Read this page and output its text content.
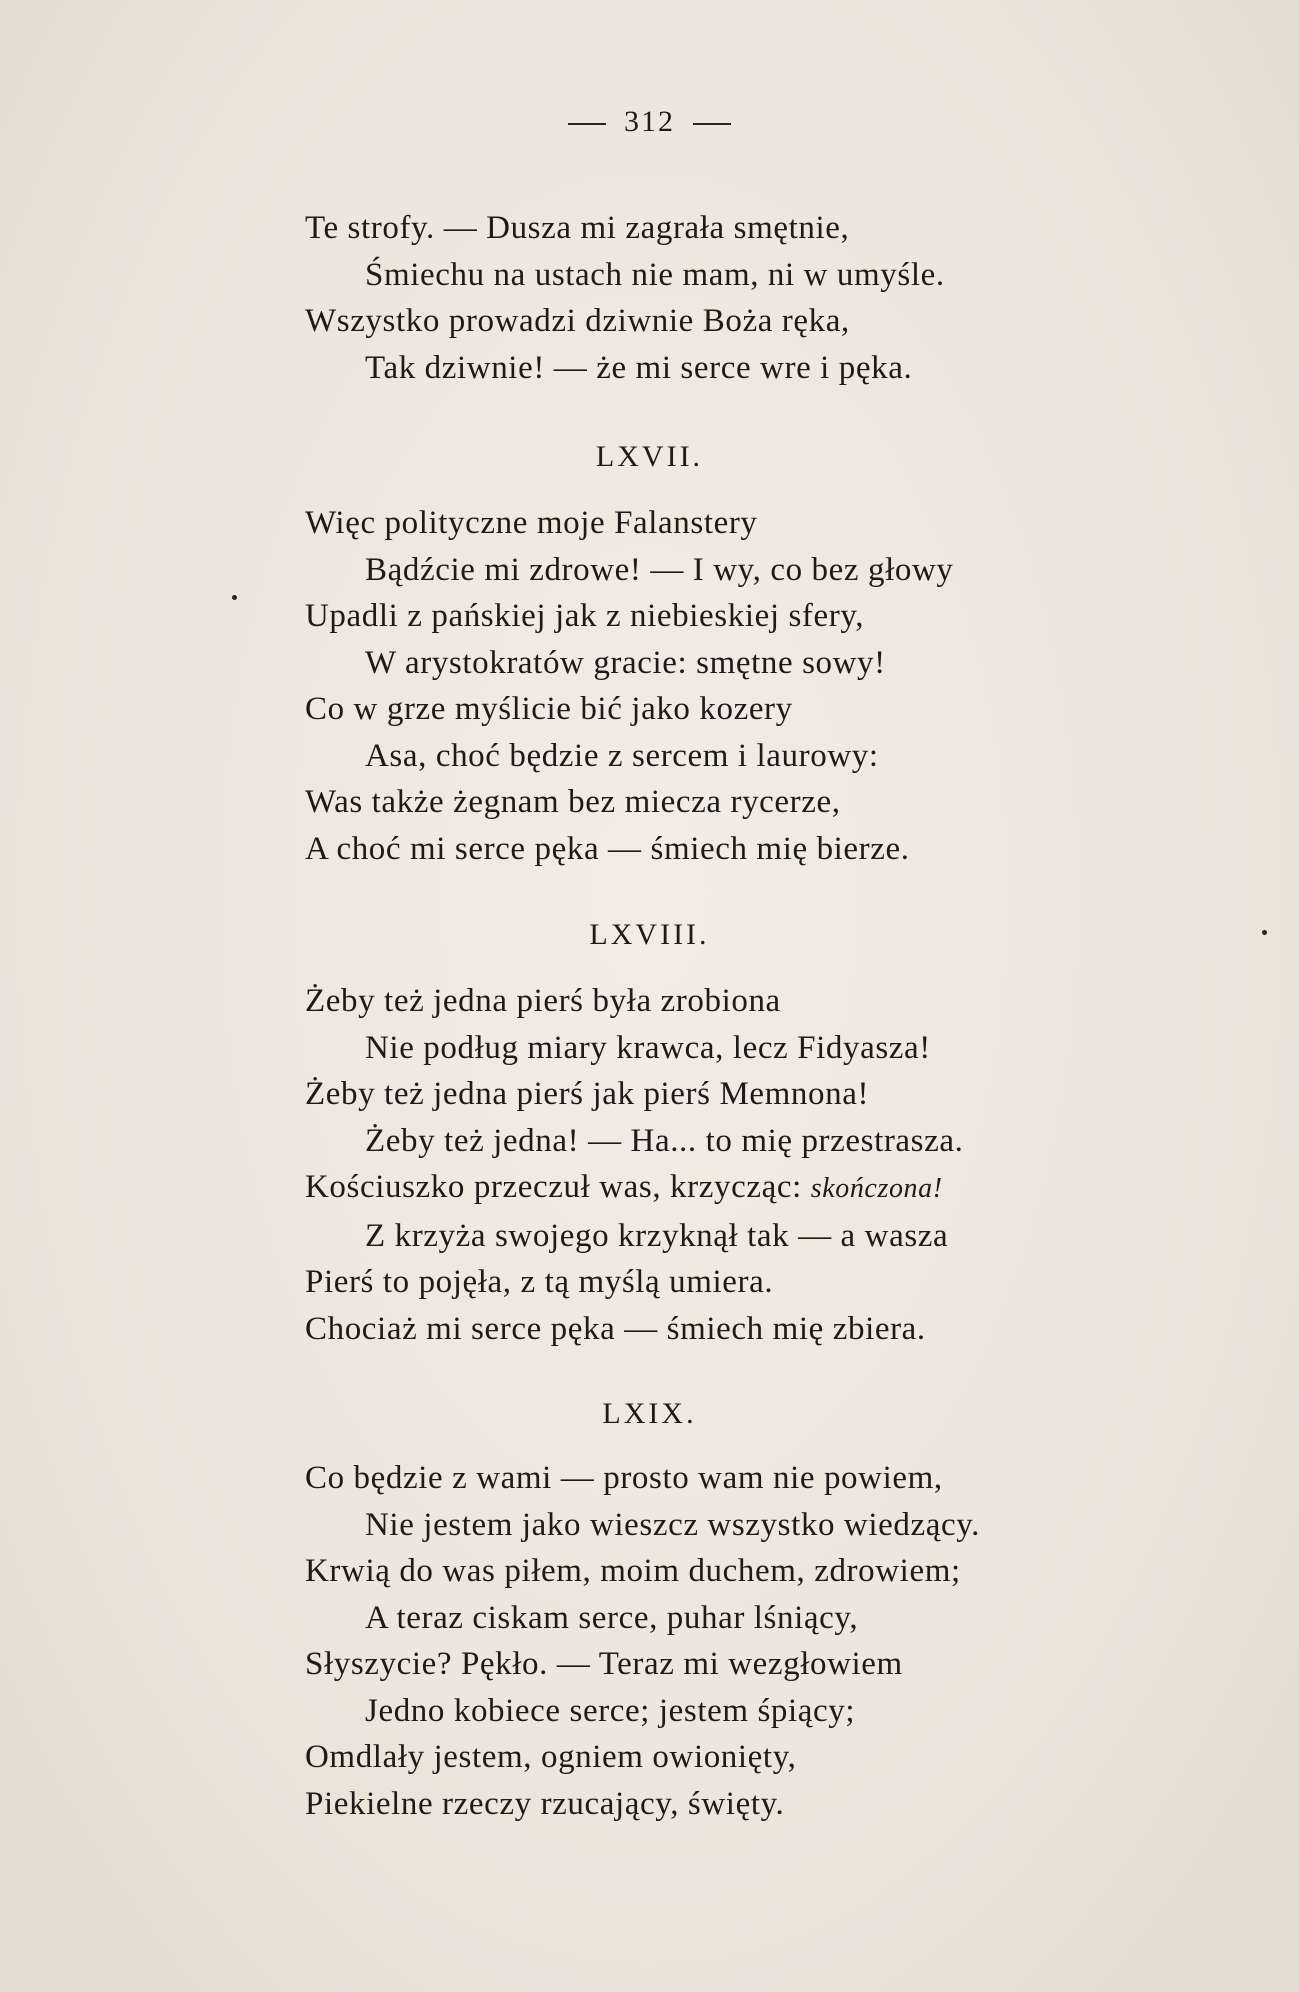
312
Te strofy. — Dusza mi zagrała smętnie,
Śmiechu na ustach nie mam, ni w umyśle.
Wszystko prowadzi dziwnie Boża ręka,
Tak dziwnie! — że mi serce wre i pęka.
LXVII.
Więc polityczne moje Falanstery
Bądźcie mi zdrowe! — I wy, co bez głowy
Upadli z pańskiej jak z niebieskiej sfery,
W arystokratów gracie: smętne sowy!
Co w grze myślicie bić jako kozery
Asa, choć będzie z sercem i laurowy:
Was także żegnam bez miecza rycerze,
A choć mi serce pęka — śmiech mię bierze.
LXVIII.
Żeby też jedna pierś była zrobiona
Nie podług miary krawca, lecz Fidyasza!
Żeby też jedna pierś jak pierś Memnona!
Żeby też jedna! — Ha... to mię przestrasza.
Kościuszko przeczuł was, krzycząc: skończona!
Z krzyża swojego krzyknął tak — a wasza
Pierś to pojęła, z tą myślą umiera.
Chociaż mi serce pęka — śmiech mię zbiera.
LXIX.
Co będzie z wami — prosto wam nie powiem,
Nie jestem jako wieszcz wszystko wiedzący.
Krwią do was piłem, moim duchem, zdrowiem;
A teraz ciskam serce, puhar lśniący,
Słyszycie? Pękło. — Teraz mi wezgłowiem
Jedno kobiece serce; jestem śpiący;
Omdlały jestem, ogniem owionięty,
Piekielne rzeczy rzucający, święty.
